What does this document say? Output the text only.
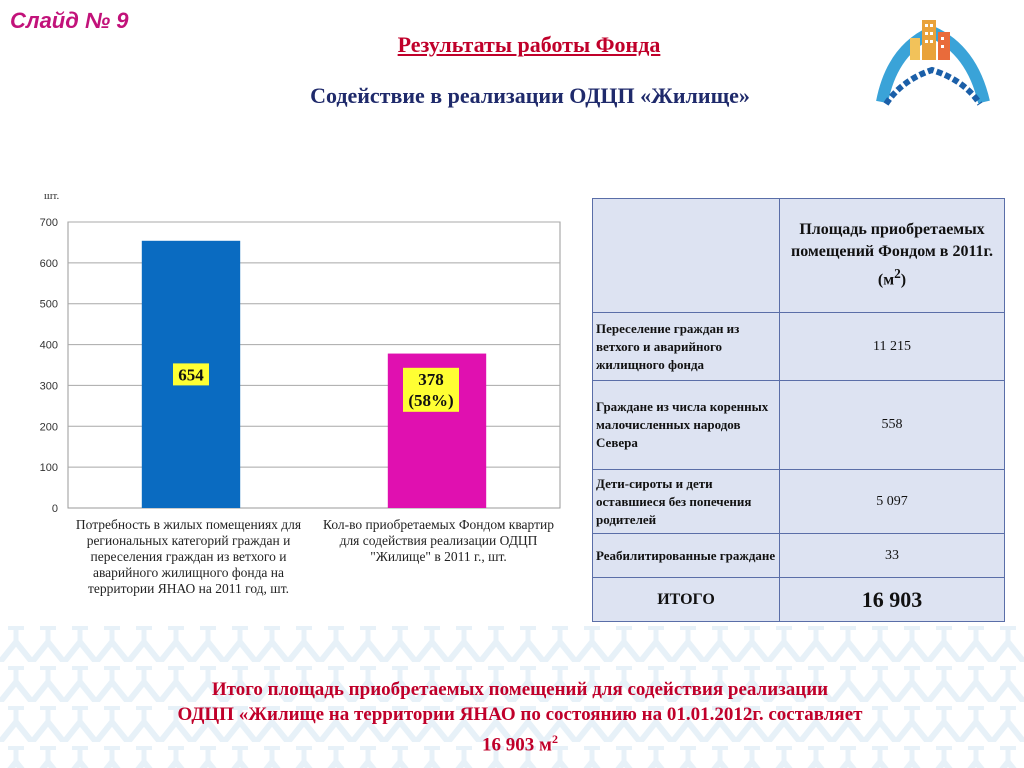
Слайд № 9
Результаты работы Фонда
Содействие в реализации ОДЦП «Жилище»
шт.
0
100
200
300
400
500
600
700
654	378
(58%)
Потребность в жилых помещениях для региональных категорий граждан и переселения граждан из ветхого и аварийного жилищного фонда на территории ЯНАО на 2011 год, шт.
Кол-во приобретаемых Фондом квартир для содействия реализации ОДЦП "Жилище" в 2011 г., шт.
	Площадь приобретаемых помещений Фондом в 2011г. $(м^2)$
Переселение граждан из ветхого и аварийного жилищного фонда	11 215
Граждане из числа коренных малочисленных народов Севера	558
Дети-сироты и дети оставшиеся без попечения родителей	5 097
Реабилитированные граждане	33
ИТОГО	16 903
Итого площадь приобретаемых помещений для содействия реализации
ОДЦП «Жилище на территории ЯНАО по состоянию на 01.01.2012г. составляет
16 903 $м^2$
